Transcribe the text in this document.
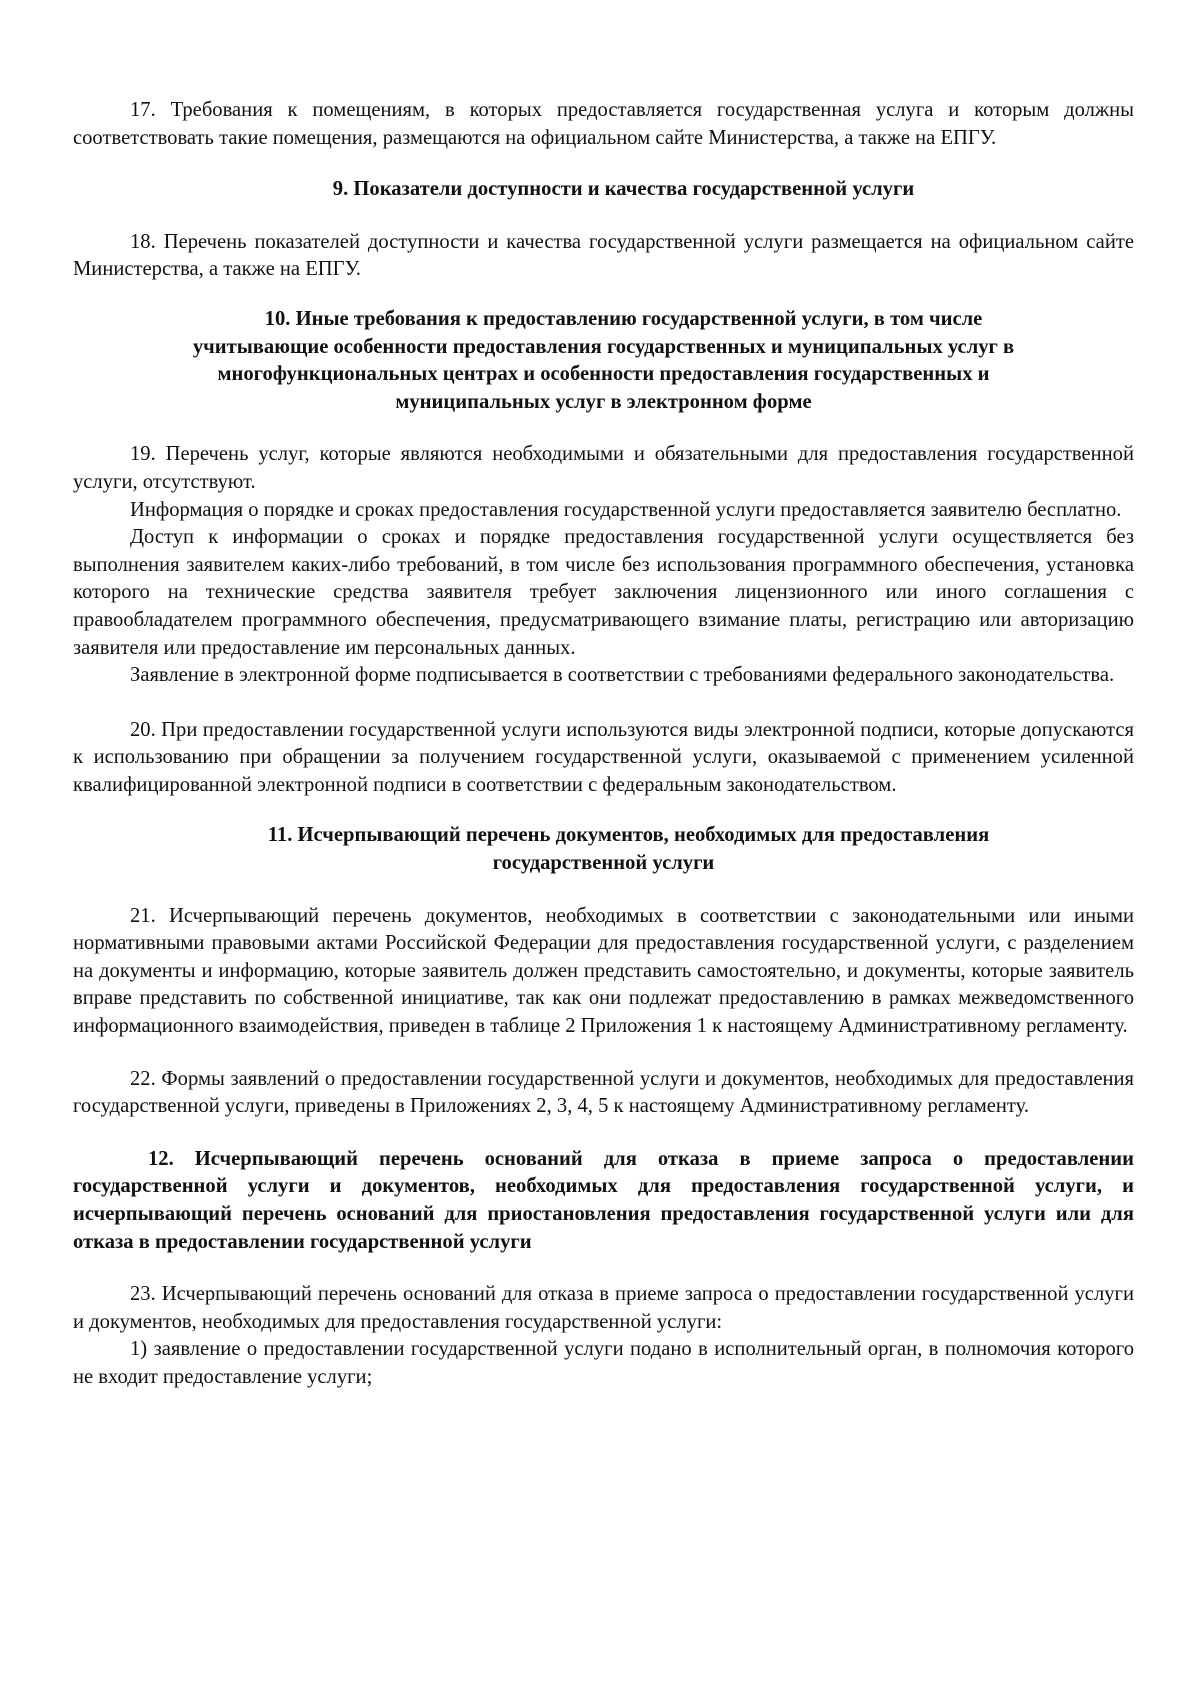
17. Требования к помещениям, в которых предоставляется государственная услуга и которым должны соответствовать такие помещения, размещаются на официальном сайте Министерства, а также на ЕПГУ.

9. Показатели доступности и качества государственной услуги

18. Перечень показателей доступности и качества государственной услуги размещается на официальном сайте Министерства, а также на ЕПГУ.

10. Иные требования к предоставлению государственной услуги, в том числе

учитывающие особенности предоставления государственных и муниципальных услуг в

многофункциональных центрах и особенности предоставления государственных и

муниципальных услуг в электронном форме

19. Перечень услуг, которые являются необходимыми и обязательными для предоставления государственной услуги, отсутствуют.

Информация о порядке и сроках предоставления государственной услуги предоставляется заявителю бесплатно.

Доступ к информации о сроках и порядке предоставления государственной услуги осуществляется без выполнения заявителем каких-либо требований, в том числе без использования программного обеспечения, установка которого на технические средства заявителя требует заключения лицензионного или иного соглашения с правообладателем программного обеспечения, предусматривающего взимание платы, регистрацию или авторизацию заявителя или предоставление им персональных данных.

Заявление в электронной форме подписывается в соответствии с требованиями федерального законодательства.

20. При предоставлении государственной услуги используются виды электронной подписи, которые допускаются к использованию при обращении за получением государственной услуги, оказываемой с применением усиленной квалифицированной электронной подписи в соответствии с федеральным законодательством.

11. Исчерпывающий перечень документов, необходимых для предоставления

государственной услуги

21. Исчерпывающий перечень документов, необходимых в соответствии с законодательными или иными нормативными правовыми актами Российской Федерации для предоставления государственной услуги, с разделением на документы и информацию, которые заявитель должен представить самостоятельно, и документы, которые заявитель вправе представить по собственной инициативе, так как они подлежат предоставлению в рамках межведомственного информационного взаимодействия, приведен в таблице 2 Приложения 1 к настоящему Административному регламенту.

22. Формы заявлений о предоставлении государственной услуги и документов, необходимых для предоставления государственной услуги, приведены в Приложениях 2, 3, 4, 5 к настоящему Административному регламенту.

12. Исчерпывающий перечень оснований для отказа в приеме запроса о предоставлении государственной услуги и документов, необходимых для предоставления государственной услуги, и исчерпывающий перечень оснований для приостановления предоставления государственной услуги или для отказа в предоставлении государственной услуги

23. Исчерпывающий перечень оснований для отказа в приеме запроса о предоставлении государственной услуги и документов, необходимых для предоставления государственной услуги:

1) заявление о предоставлении государственной услуги подано в исполнительный орган, в полномочия которого не входит предоставление услуги;
